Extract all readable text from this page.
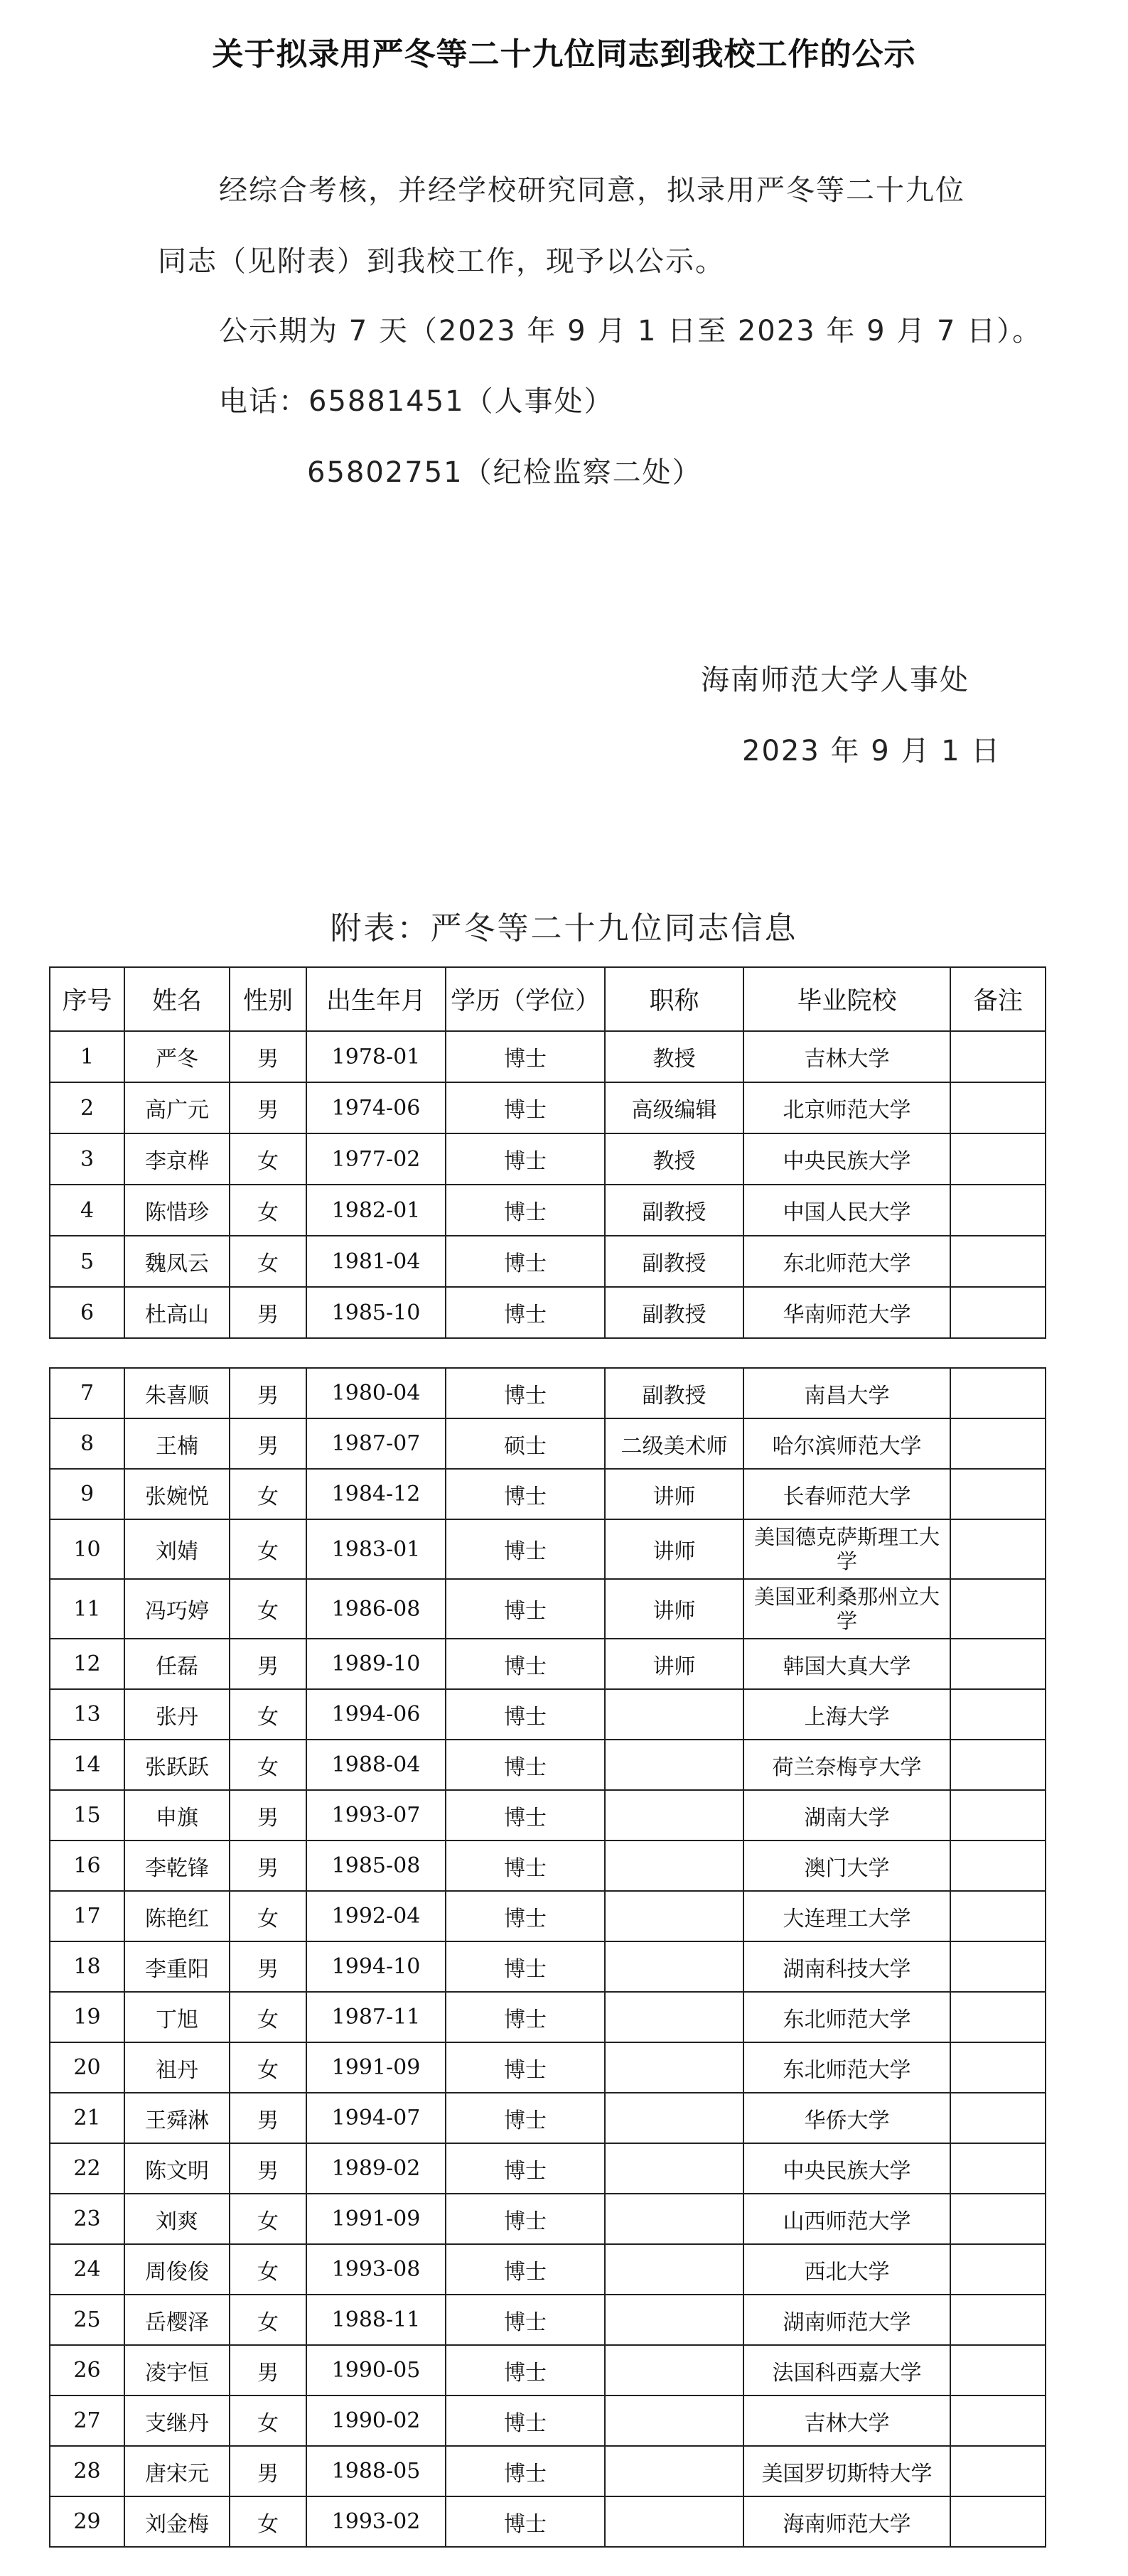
关于拟录用严冬等二十九位同志到我校工作的公示
经综合考核，并经学校研究同意，拟录用严冬等二十九位
同志（见附表）到我校工作，现予以公示。
公示期为 7 天（2023 年 9 月 1 日至 2023 年 9 月 7 日）。
电话：65881451（人事处）
65802751（纪检监察二处）
海南师范大学人事处
2023 年 9 月 1 日
附表：严冬等二十九位同志信息
序号	姓名	性别	出生年月	学历（学位）	职称	毕业院校	备注
1	严冬	男	1978-01	博士	教授	吉林大学	
2	高广元	男	1974-06	博士	高级编辑	北京师范大学	
3	李京桦	女	1977-02	博士	教授	中央民族大学	
4	陈惜珍	女	1982-01	博士	副教授	中国人民大学	
5	魏凤云	女	1981-04	博士	副教授	东北师范大学	
6	杜高山	男	1985-10	博士	副教授	华南师范大学	
7	朱喜顺	男	1980-04	博士	副教授	南昌大学	
8	王楠	男	1987-07	硕士	二级美术师	哈尔滨师范大学	
9	张婉悦	女	1984-12	博士	讲师	长春师范大学	
10	刘婧	女	1983-01	博士	讲师	美国德克萨斯理工大学	
11	冯巧婷	女	1986-08	博士	讲师	美国亚利桑那州立大学	
12	任磊	男	1989-10	博士	讲师	韩国大真大学	
13	张丹	女	1994-06	博士		上海大学	
14	张跃跃	女	1988-04	博士		荷兰奈梅亨大学	
15	申旗	男	1993-07	博士		湖南大学	
16	李乾锋	男	1985-08	博士		澳门大学	
17	陈艳红	女	1992-04	博士		大连理工大学	
18	李重阳	男	1994-10	博士		湖南科技大学	
19	丁旭	女	1987-11	博士		东北师范大学	
20	祖丹	女	1991-09	博士		东北师范大学	
21	王舜淋	男	1994-07	博士		华侨大学	
22	陈文明	男	1989-02	博士		中央民族大学	
23	刘爽	女	1991-09	博士		山西师范大学	
24	周俊俊	女	1993-08	博士		西北大学	
25	岳樱泽	女	1988-11	博士		湖南师范大学	
26	凌宇恒	男	1990-05	博士		法国科西嘉大学	
27	支继丹	女	1990-02	博士		吉林大学	
28	唐宋元	男	1988-05	博士		美国罗切斯特大学	
29	刘金梅	女	1993-02	博士		海南师范大学	
